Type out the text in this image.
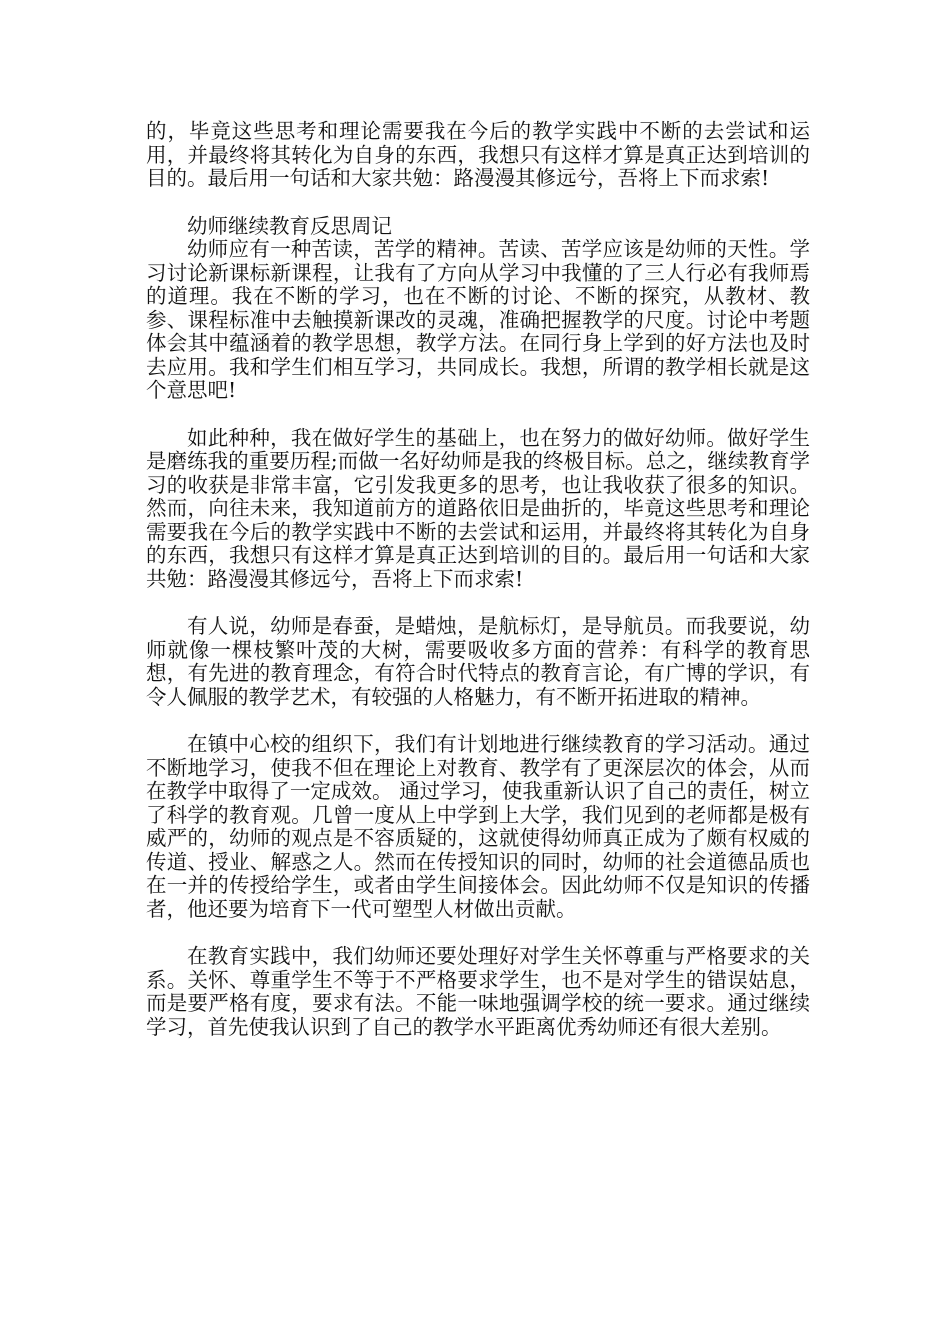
的，毕竟这些思考和理论需要我在今后的教学实践中不断的去尝试和运用，并最终将其转化为自身的东西，我想只有这样才算是真正达到培训的目的。最后用一句话和大家共勉：路漫漫其修远兮，吾将上下而求索!

幼师继续教育反思周记

幼师应有一种苦读，苦学的精神。苦读、苦学应该是幼师的天性。学习讨论新课标新课程，让我有了方向从学习中我懂的了三人行必有我师焉的道理。我在不断的学习，也在不断的讨论、不断的探究，从教材、教参、课程标准中去触摸新课改的灵魂，准确把握教学的尺度。讨论中考题体会其中蕴涵着的教学思想，教学方法。在同行身上学到的好方法也及时去应用。我和学生们相互学习，共同成长。我想，所谓的教学相长就是这个意思吧!

如此种种，我在做好学生的基础上，也在努力的做好幼师。做好学生是磨练我的重要历程;而做一名好幼师是我的终极目标。总之，继续教育学习的收获是非常丰富，它引发我更多的思考，也让我收获了很多的知识。然而，向往未来，我知道前方的道路依旧是曲折的，毕竟这些思考和理论需要我在今后的教学实践中不断的去尝试和运用，并最终将其转化为自身的东西，我想只有这样才算是真正达到培训的目的。最后用一句话和大家共勉：路漫漫其修远兮，吾将上下而求索!

有人说，幼师是春蚕，是蜡烛，是航标灯，是导航员。而我要说，幼师就像一棵枝繁叶茂的大树，需要吸收多方面的营养：有科学的教育思想，有先进的教育理念，有符合时代特点的教育言论，有广博的学识，有令人佩服的教学艺术，有较强的人格魅力，有不断开拓进取的精神。

在镇中心校的组织下，我们有计划地进行继续教育的学习活动。通过不断地学习，使我不但在理论上对教育、教学有了更深层次的体会，从而在教学中取得了一定成效。 通过学习，使我重新认识了自己的责任，树立了科学的教育观。几曾一度从上中学到上大学，我们见到的老师都是极有威严的，幼师的观点是不容质疑的，这就使得幼师真正成为了颇有权威的传道、授业、解惑之人。然而在传授知识的同时，幼师的社会道德品质也在一并的传授给学生，或者由学生间接体会。因此幼师不仅是知识的传播者，他还要为培育下一代可塑型人材做出贡献。

在教育实践中，我们幼师还要处理好对学生关怀尊重与严格要求的关系。关怀、尊重学生不等于不严格要求学生，也不是对学生的错误姑息，而是要严格有度，要求有法。不能一味地强调学校的统一要求。通过继续学习，首先使我认识到了自己的教学水平距离优秀幼师还有很大差别。
